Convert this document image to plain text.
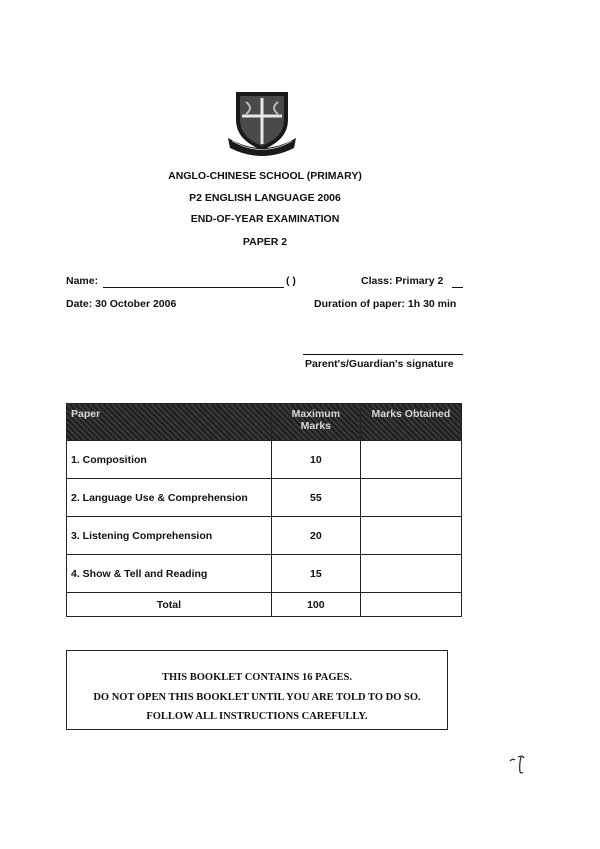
ANGLO-CHINESE SCHOOL (PRIMARY)
P2 ENGLISH LANGUAGE 2006
END-OF-YEAR EXAMINATION
PAPER 2
Name:	( )	Class: Primary 2
Date: 30 October 2006	Duration of paper: 1h 30 min
Parent's/Guardian's signature
Paper	Maximum Marks	Marks Obtained
1. Composition	10	
2. Language Use & Comprehension	55	
3. Listening Comprehension	20	
4. Show & Tell and Reading	15	
Total	100	
THIS BOOKLET CONTAINS 16 PAGES.
DO NOT OPEN THIS BOOKLET UNTIL YOU ARE TOLD TO DO SO.
FOLLOW ALL INSTRUCTIONS CAREFULLY.
